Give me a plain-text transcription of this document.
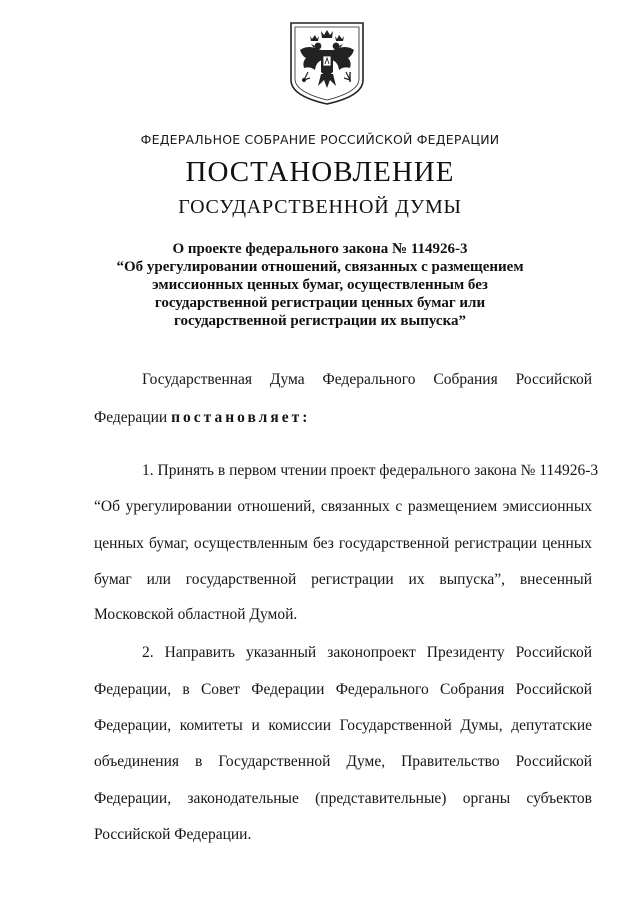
ФЕДЕРАЛЬНОЕ СОБРАНИЕ РОССИЙСКОЙ ФЕДЕРАЦИИ
ПОСТАНОВЛЕНИЕ
ГОСУДАРСТВЕННОЙ ДУМЫ
О проекте федерального закона № 114926-3
“Об урегулировании отношений, связанных с размещением
эмиссионных ценных бумаг, осуществленным без
государственной регистрации ценных бумаг или
государственной регистрации их выпуска”
Государственная Дума Федерального Собрания Российской
Федерации постановляет:
1. Принять в первом чтении проект федерального закона № 114926-3
“Об урегулировании отношений, связанных с размещением эмиссионных
ценных бумаг, осуществленным без государственной регистрации ценных
бумаг или государственной регистрации их выпуска”, внесенный
Московской областной Думой.
2. Направить указанный законопроект Президенту Российской
Федерации, в Совет Федерации Федерального Собрания Российской
Федерации, комитеты и комиссии Государственной Думы, депутатские
объединения в Государственной Думе, Правительство Российской
Федерации, законодательные (представительные) органы субъектов
Российской Федерации.
